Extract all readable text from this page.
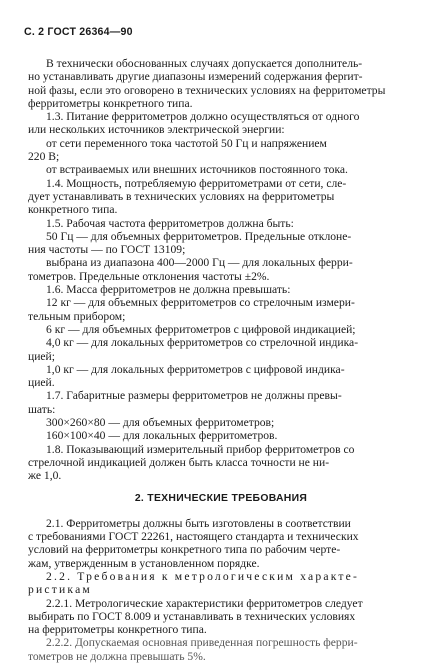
С. 2 ГОСТ 26364—90
В технически обоснованных случаях допускается дополнитель-
но устанавливать другие диапазоны измерений содержания ферrит-
ной фазы, если это оговорено в технических условиях на ферритометры
ферритометры конкретного типа.
1.3. Питание ферритометров должно осуществляться от одного
или нескольких источников электрической энергии:
от сети переменного тока частотой 50 Гц и напряжением
220 В;
от встраиваемых или внешних источников постоянного тока.
1.4. Мощность, потребляемую ферритометрами от сети, сле-
дует устанавливать в технических условиях на ферритометры
конкретного типа.
1.5. Рабочая частота ферритометров должна быть:
50 Гц — для объемных ферритометров. Предельные отклоне-
ния частоты — по ГОСТ 13109;
выбрана из диапазона 400—2000 Гц — для локальных ферри-
тометров. Предельные отклонения частоты ±2%.
1.6. Масса ферритометров не должна превышать:
12 кг — для объемных ферритометров со стрелочным измери-
тельным прибором;
6 кг — для объемных ферритометров с цифровой индикацией;
4,0 кг — для локальных ферритометров со стрелочной индика-
цией;
1,0 кг — для локальных ферритометров с цифровой индика-
цией.
1.7. Габаритные размеры ферритометров не должны превы-
шать:
300×260×80 — для объемных ферритометров;
160×100×40 — для локальных ферритометров.
1.8. Показывающий измерительный прибор ферритометров со
стрелочной индикацией должен быть класса точности не ни-
же 1,0.
2. ТЕХНИЧЕСКИЕ ТРЕБОВАНИЯ
2.1. Ферритометры должны быть изготовлены в соответствии
с требованиями ГОСТ 22261, настоящего стандарта и технических
условий на ферритометры конкретного типа по рабочим черте-
жам, утвержденным в установленном порядке.
2.2. Требования к метрологическим характе-
ристикам
2.2.1. Метрологические характеристики ферритометров следует
выбирать по ГОСТ 8.009 и устанавливать в технических условиях
на ферритометры конкретного типа.
2.2.2. Допускаемая основная приведенная погрешность ферри-
тометров не должна превышать 5%.
